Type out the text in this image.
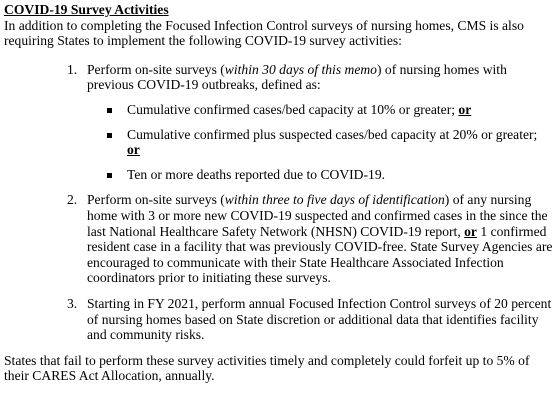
COVID-19 Survey Activities

In addition to completing the Focused Infection Control surveys of nursing homes, CMS is also requiring States to implement the following COVID-19 survey activities:

1. Perform on-site surveys (within 30 days of this memo) of nursing homes with previous COVID-19 outbreaks, defined as:
Cumulative confirmed cases/bed capacity at 10% or greater; or
Cumulative confirmed plus suspected cases/bed capacity at 20% or greater;
or
Ten or more deaths reported due to COVID-19.
2. Perform on-site surveys (within three to five days of identification) of any nursing home with 3 or more new COVID-19 suspected and confirmed cases in the since the last National Healthcare Safety Network (NHSN) COVID-19 report, or 1 confirmed resident case in a facility that was previously COVID-free. State Survey Agencies are encouraged to communicate with their State Healthcare Associated Infection coordinators prior to initiating these surveys.
3. Starting in FY 2021, perform annual Focused Infection Control surveys of 20 percent of nursing homes based on State discretion or additional data that identifies facility and community risks.

States that fail to perform these survey activities timely and completely could forfeit up to 5% of their CARES Act Allocation, annually.
